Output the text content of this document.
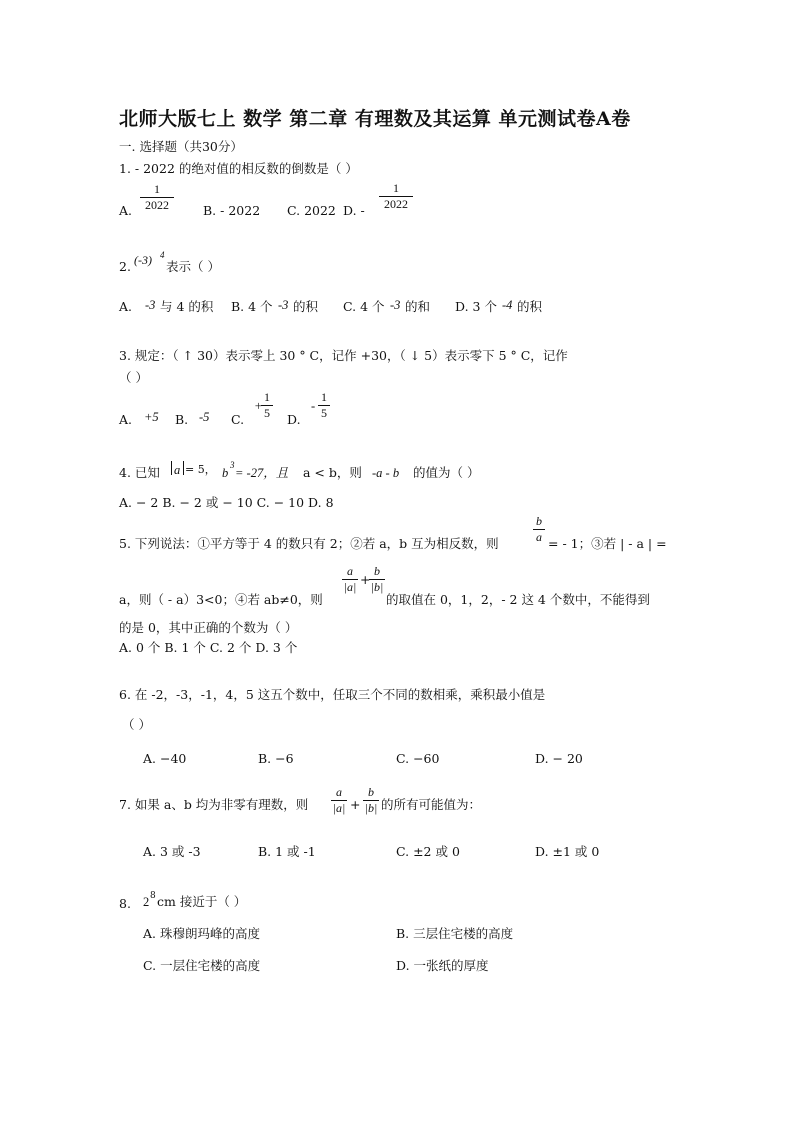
北师大版七上 数学 第二章 有理数及其运算 单元测试卷A卷
一. 选择题（共30分）
1. - 2022 的绝对值的相反数的倒数是（ ）
A.
1
2022	B. - 2022 C. 2022 D. -
1
2022
2. (-3) 4
表示（ ）
A. -3 与 4 的积 B. 4 个 -3 的积 C. 4 个 -3 的和 D. 3 个 -4 的积
3. 规定：（ ↑ 30）表示零上 30 ° C，记作 +30，（ ↓ 5）表示零下 5 ° C，记作
（ ）
A. +5 B. -5 C.
+
1
5 D.
-
1
5
4. 已知 a = 5， b
3
= -27，且 a < b，则 -a - b 的值为（ ）
A. − 2 B. − 2 或 − 10 C. − 10 D. 8
5. 下列说法：①平方等于 4 的数只有 2；②若 a，b 互为相反数，则
b
a = - 1；③若 | - a | =
a，则（ - a）3<0；④若 ab≠0，则
a
|a| +
b
|b|
的取值在 0，1，2，- 2 这 4 个数中，不能得到
的是 0，其中正确的个数为（ ）
A. 0 个 B. 1 个 C. 2 个 D. 3 个
6. 在 -2，-3，-1，4，5 这五个数中，任取三个不同的数相乘，乘积最小值是
（ ）
A. −40	B. −6	C. −60	D. − 20
7. 如果 a、b 均为非零有理数，则
a
|a| +
b
|b| 的所有可能值为：
A. 3 或 -3	B. 1 或 -1	C. ±2 或 0	D. ±1 或 0
8. 2 8 cm 接近于（ ）
A. 珠穆朗玛峰的高度	B. 三层住宅楼的高度
C. 一层住宅楼的高度	D. 一张纸的厚度
